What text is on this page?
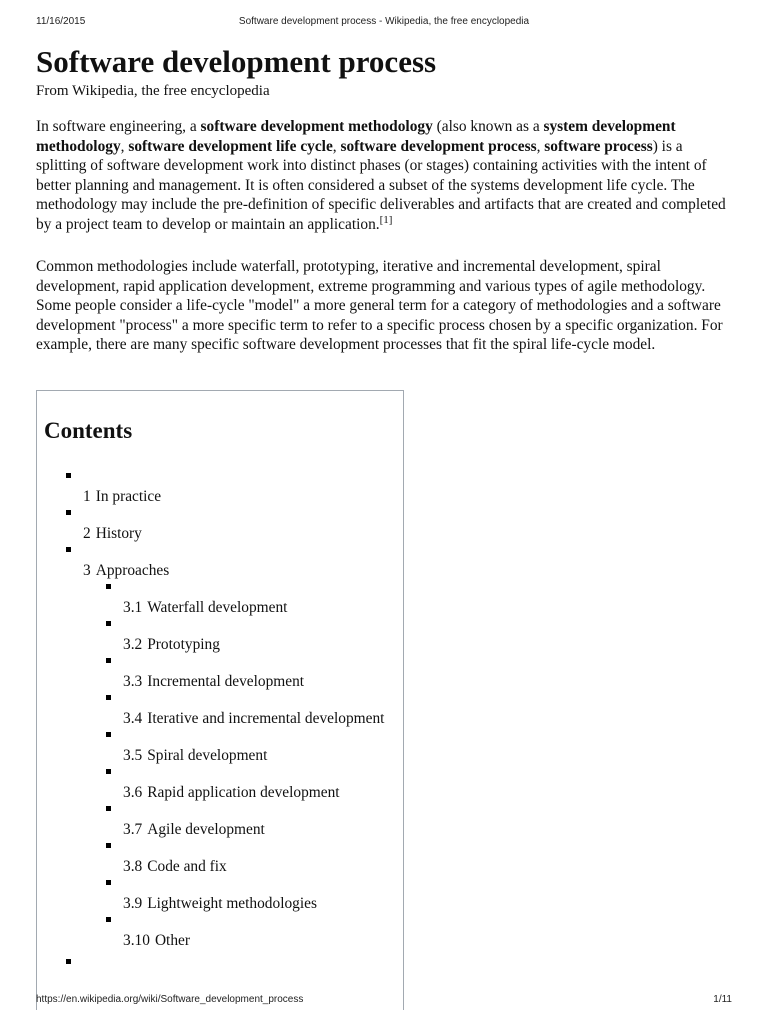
11/16/2015	Software development process - Wikipedia, the free encyclopedia
Software development process
From Wikipedia, the free encyclopedia

In software engineering, a software development methodology (also known as a system development methodology, software development life cycle, software development process, software process) is a splitting of software development work into distinct phases (or stages) containing activities with the intent of better planning and management. It is often considered a subset of the systems development life cycle. The methodology may include the pre-definition of specific deliverables and artifacts that are created and completed by a project team to develop or maintain an application.[1]

Common methodologies include waterfall, prototyping, iterative and incremental development, spiral development, rapid application development, extreme programming and various types of agile methodology. Some people consider a life-cycle "model" a more general term for a category of methodologies and a software development "process" a more specific term to refer to a specific process chosen by a specific organization. For example, there are many specific software development processes that fit the spiral life-cycle model.

Contents
1 In practice
2 History
3 Approaches
3.1 Waterfall development
3.2 Prototyping
3.3 Incremental development
3.4 Iterative and incremental development
3.5 Spiral development
3.6 Rapid application development
3.7 Agile development
3.8 Code and fix
3.9 Lightweight methodologies
3.10 Other
https://en.wikipedia.org/wiki/Software_development_process	1/11
